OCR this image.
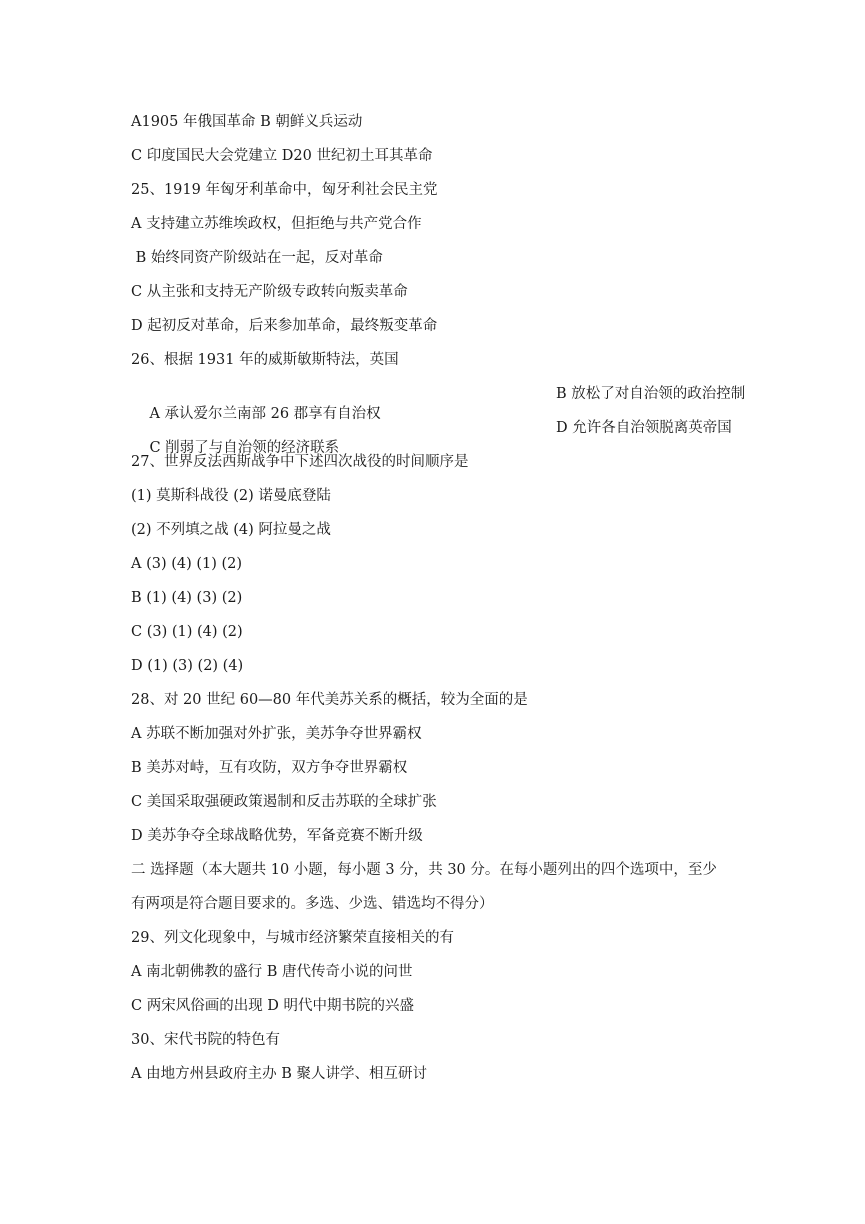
A1905 年俄国革命 B 朝鲜义兵运动
C 印度国民大会党建立 D20 世纪初土耳其革命
25、1919 年匈牙利革命中，匈牙利社会民主党
A 支持建立苏维埃政权，但拒绝与共产党合作
B 始终同资产阶级站在一起，反对革命
C 从主张和支持无产阶级专政转向叛卖革命
D 起初反对革命，后来参加革命，最终叛变革命
26、根据 1931 年的威斯敏斯特法，英国

A 承认爱尔兰南部 26 郡享有自治权

B 放松了对自治领的政治控制

C 削弱了与自治领的经济联系

D 允许各自治领脱离英帝国

27、世界反法西斯战争中下述四次战役的时间顺序是
(1) 莫斯科战役 (2) 诺曼底登陆
(2) 不列填之战 (4) 阿拉曼之战
A (3) (4) (1) (2)
B (1) (4) (3) (2)
C (3) (1) (4) (2)
D (1) (3) (2) (4)
28、对 20 世纪 60—80 年代美苏关系的概括，较为全面的是
A 苏联不断加强对外扩张，美苏争夺世界霸权
B 美苏对峙，互有攻防，双方争夺世界霸权
C 美国采取强硬政策遏制和反击苏联的全球扩张
D 美苏争夺全球战略优势，军备竞赛不断升级
二 选择题（本大题共 10 小题，每小题 3 分，共 30 分。在每小题列出的四个选项中，至少
有两项是符合题目要求的。多选、少选、错选均不得分）
29、列文化现象中，与城市经济繁荣直接相关的有
A 南北朝佛教的盛行 B 唐代传奇小说的问世
C 两宋风俗画的出现 D 明代中期书院的兴盛
30、宋代书院的特色有
A 由地方州县政府主办 B 聚人讲学、相互研讨
